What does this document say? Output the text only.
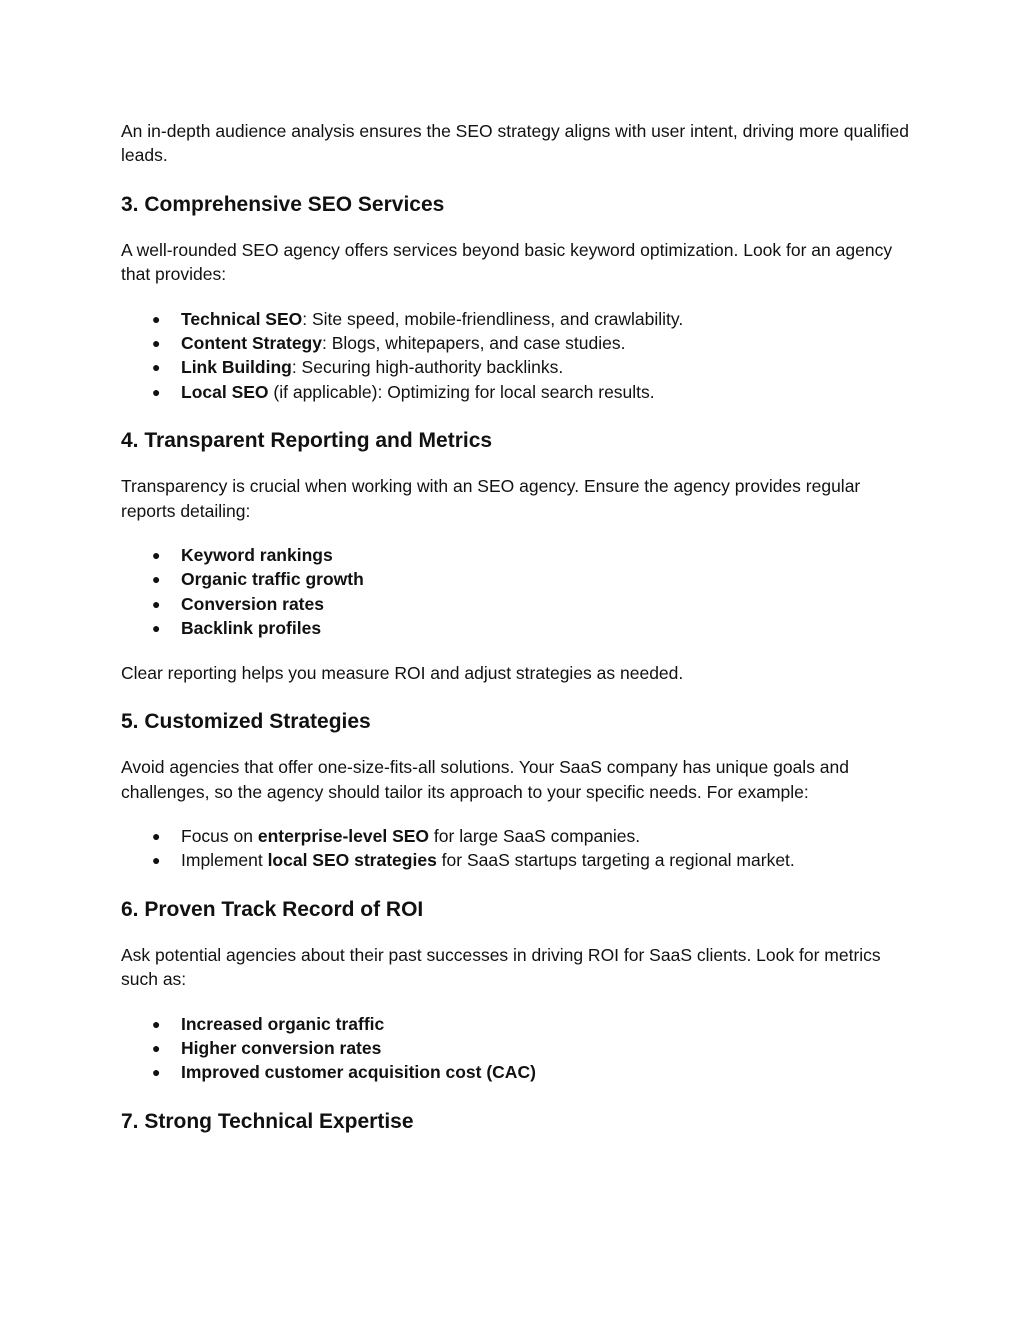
An in-depth audience analysis ensures the SEO strategy aligns with user intent, driving more qualified leads.

3. Comprehensive SEO Services

A well-rounded SEO agency offers services beyond basic keyword optimization. Look for an agency that provides:

● Technical SEO: Site speed, mobile-friendliness, and crawlability.
● Content Strategy: Blogs, whitepapers, and case studies.
● Link Building: Securing high-authority backlinks.
● Local SEO (if applicable): Optimizing for local search results.
4. Transparent Reporting and Metrics

Transparency is crucial when working with an SEO agency. Ensure the agency provides regular reports detailing:

● Keyword rankings
● Organic traffic growth
● Conversion rates
● Backlink profiles

Clear reporting helps you measure ROI and adjust strategies as needed.

5. Customized Strategies

Avoid agencies that offer one-size-fits-all solutions. Your SaaS company has unique goals and challenges, so the agency should tailor its approach to your specific needs. For example:

● Focus on enterprise-level SEO for large SaaS companies.
● Implement local SEO strategies for SaaS startups targeting a regional market.
6. Proven Track Record of ROI

Ask potential agencies about their past successes in driving ROI for SaaS clients. Look for metrics such as:

● Increased organic traffic
● Higher conversion rates
● Improved customer acquisition cost (CAC)
7. Strong Technical Expertise
